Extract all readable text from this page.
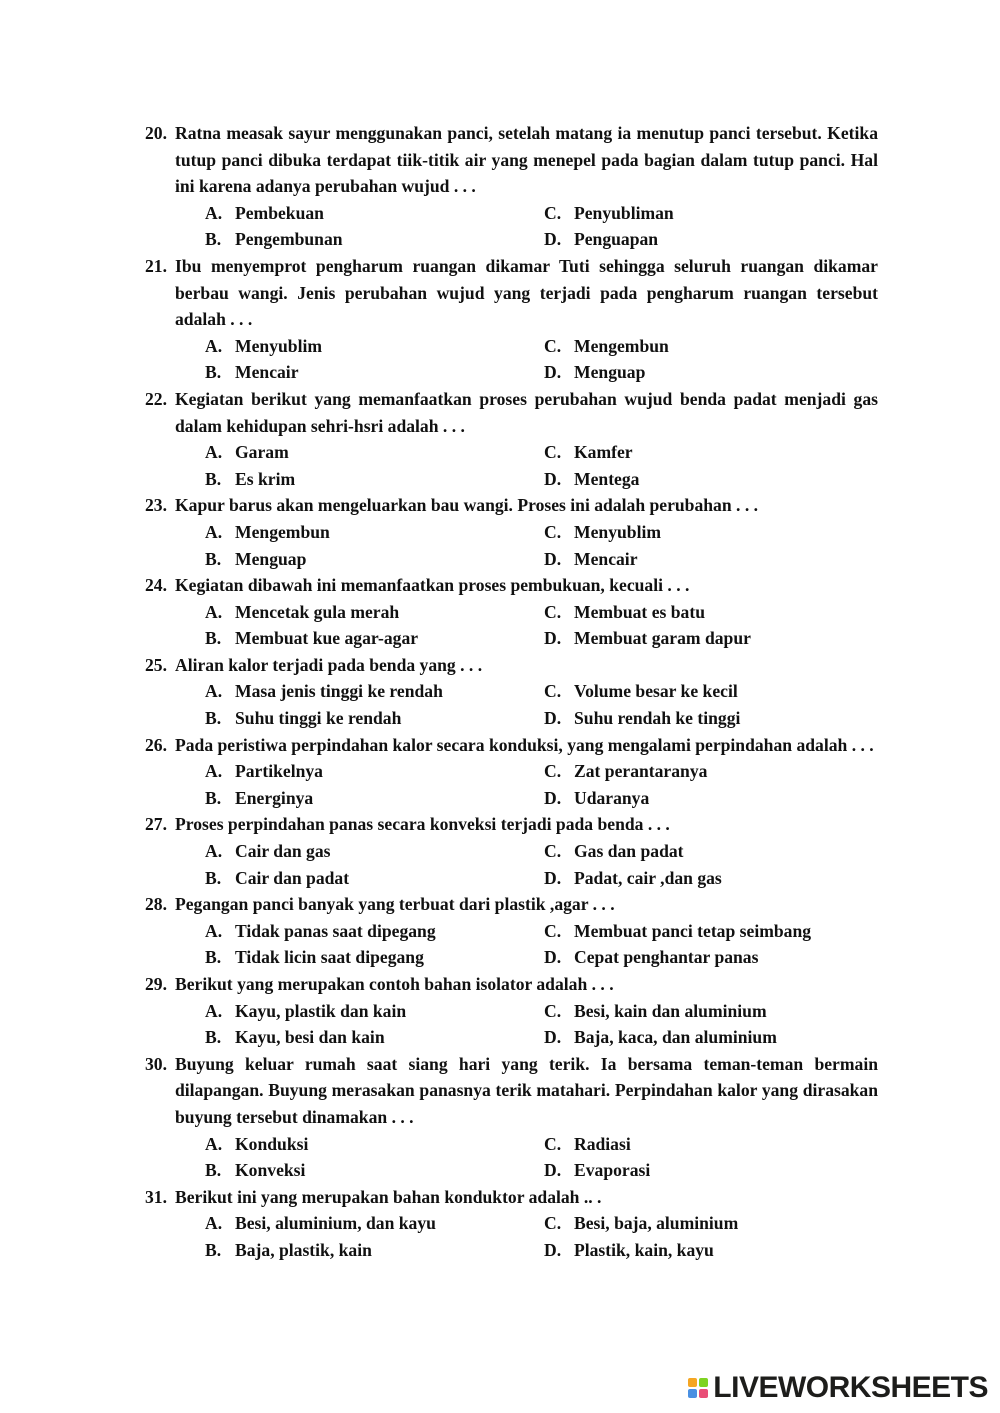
20. Ratna measak sayur menggunakan panci, setelah matang ia menutup panci tersebut. Ketika tutup panci dibuka terdapat tiik-titik air yang menepel pada bagian dalam tutup panci. Hal ini karena adanya perubahan wujud . . .
A. Pembekuan	C. Penyubliman
B. Pengembunan	D. Penguapan
21. Ibu menyemprot pengharum ruangan dikamar Tuti sehingga seluruh ruangan dikamar berbau wangi. Jenis perubahan wujud yang terjadi pada pengharum ruangan tersebut adalah . . .
A. Menyublim	C. Mengembun
B. Mencair	D. Menguap
22. Kegiatan berikut yang memanfaatkan proses perubahan wujud benda padat menjadi gas dalam kehidupan sehri-hsri adalah . . .
A. Garam	C. Kamfer
B. Es krim	D. Mentega
23. Kapur barus akan mengeluarkan bau wangi. Proses ini adalah perubahan . . .
A. Mengembun	C. Menyublim
B. Menguap	D. Mencair
24. Kegiatan dibawah ini memanfaatkan proses pembukuan, kecuali . . .
A. Mencetak gula merah	C. Membuat es batu
B. Membuat kue agar-agar	D. Membuat garam dapur
25. Aliran kalor terjadi pada benda yang . . .
A. Masa jenis tinggi ke rendah	C. Volume besar ke kecil
B. Suhu tinggi ke rendah	D. Suhu rendah ke tinggi
26. Pada peristiwa perpindahan kalor secara konduksi, yang mengalami perpindahan adalah . . .
A. Partikelnya	C. Zat perantaranya
B. Energinya	D. Udaranya
27. Proses perpindahan panas secara konveksi terjadi pada benda . . .
A. Cair dan gas	C. Gas dan padat
B. Cair dan padat	D. Padat, cair ,dan gas
28. Pegangan panci banyak yang terbuat dari plastik ,agar . . .
A. Tidak panas saat dipegang	C. Membuat panci tetap seimbang
B. Tidak licin saat dipegang	D. Cepat penghantar panas
29. Berikut yang merupakan contoh bahan isolator adalah . . .
A. Kayu, plastik dan kain	C. Besi, kain dan aluminium
B. Kayu, besi dan kain	D. Baja, kaca, dan aluminium
30. Buyung keluar rumah saat siang hari yang terik. Ia bersama teman-teman bermain dilapangan. Buyung merasakan panasnya terik matahari. Perpindahan kalor yang dirasakan buyung tersebut dinamakan . . .
A. Konduksi	C. Radiasi
B. Konveksi	D. Evaporasi
31. Berikut ini yang merupakan bahan konduktor adalah .. .
A. Besi, aluminium, dan kayu	C. Besi, baja, aluminium
B. Baja, plastik, kain	D. Plastik, kain, kayu
LIVEWORKSHEETS
